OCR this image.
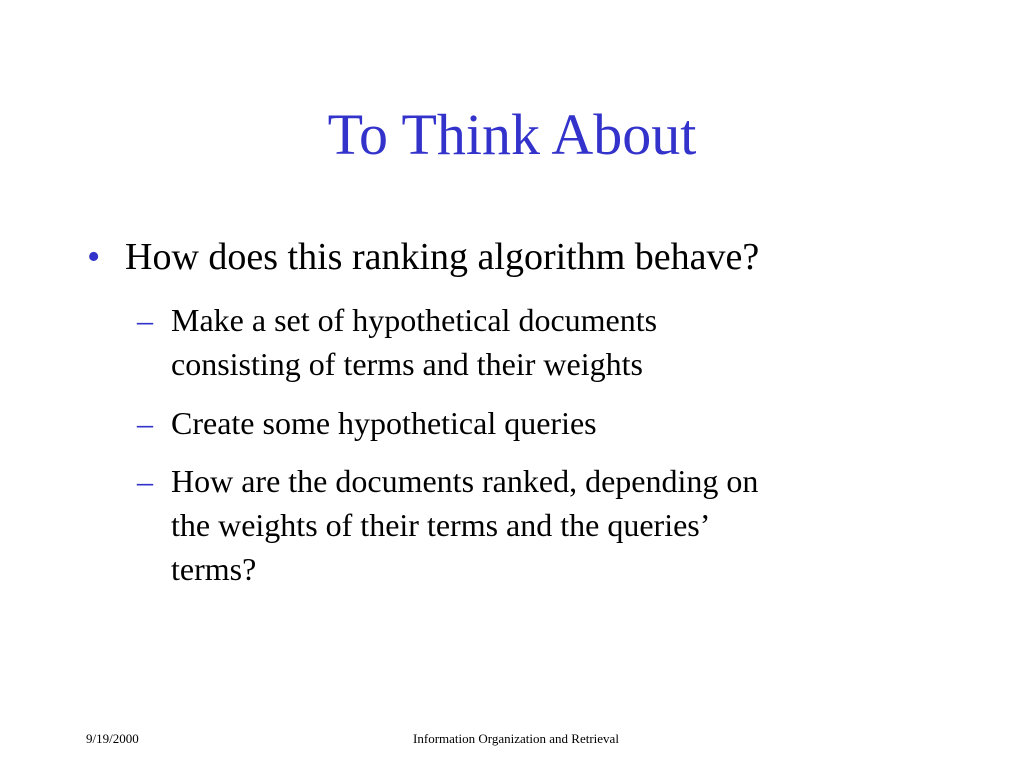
To Think About
• How does this ranking algorithm behave?
– Make a set of hypothetical documents
consisting of terms and their weights
– Create some hypothetical queries
– How are the documents ranked, depending on
the weights of their terms and the queries’
terms?
9/19/2000	Information Organization and Retrieval
